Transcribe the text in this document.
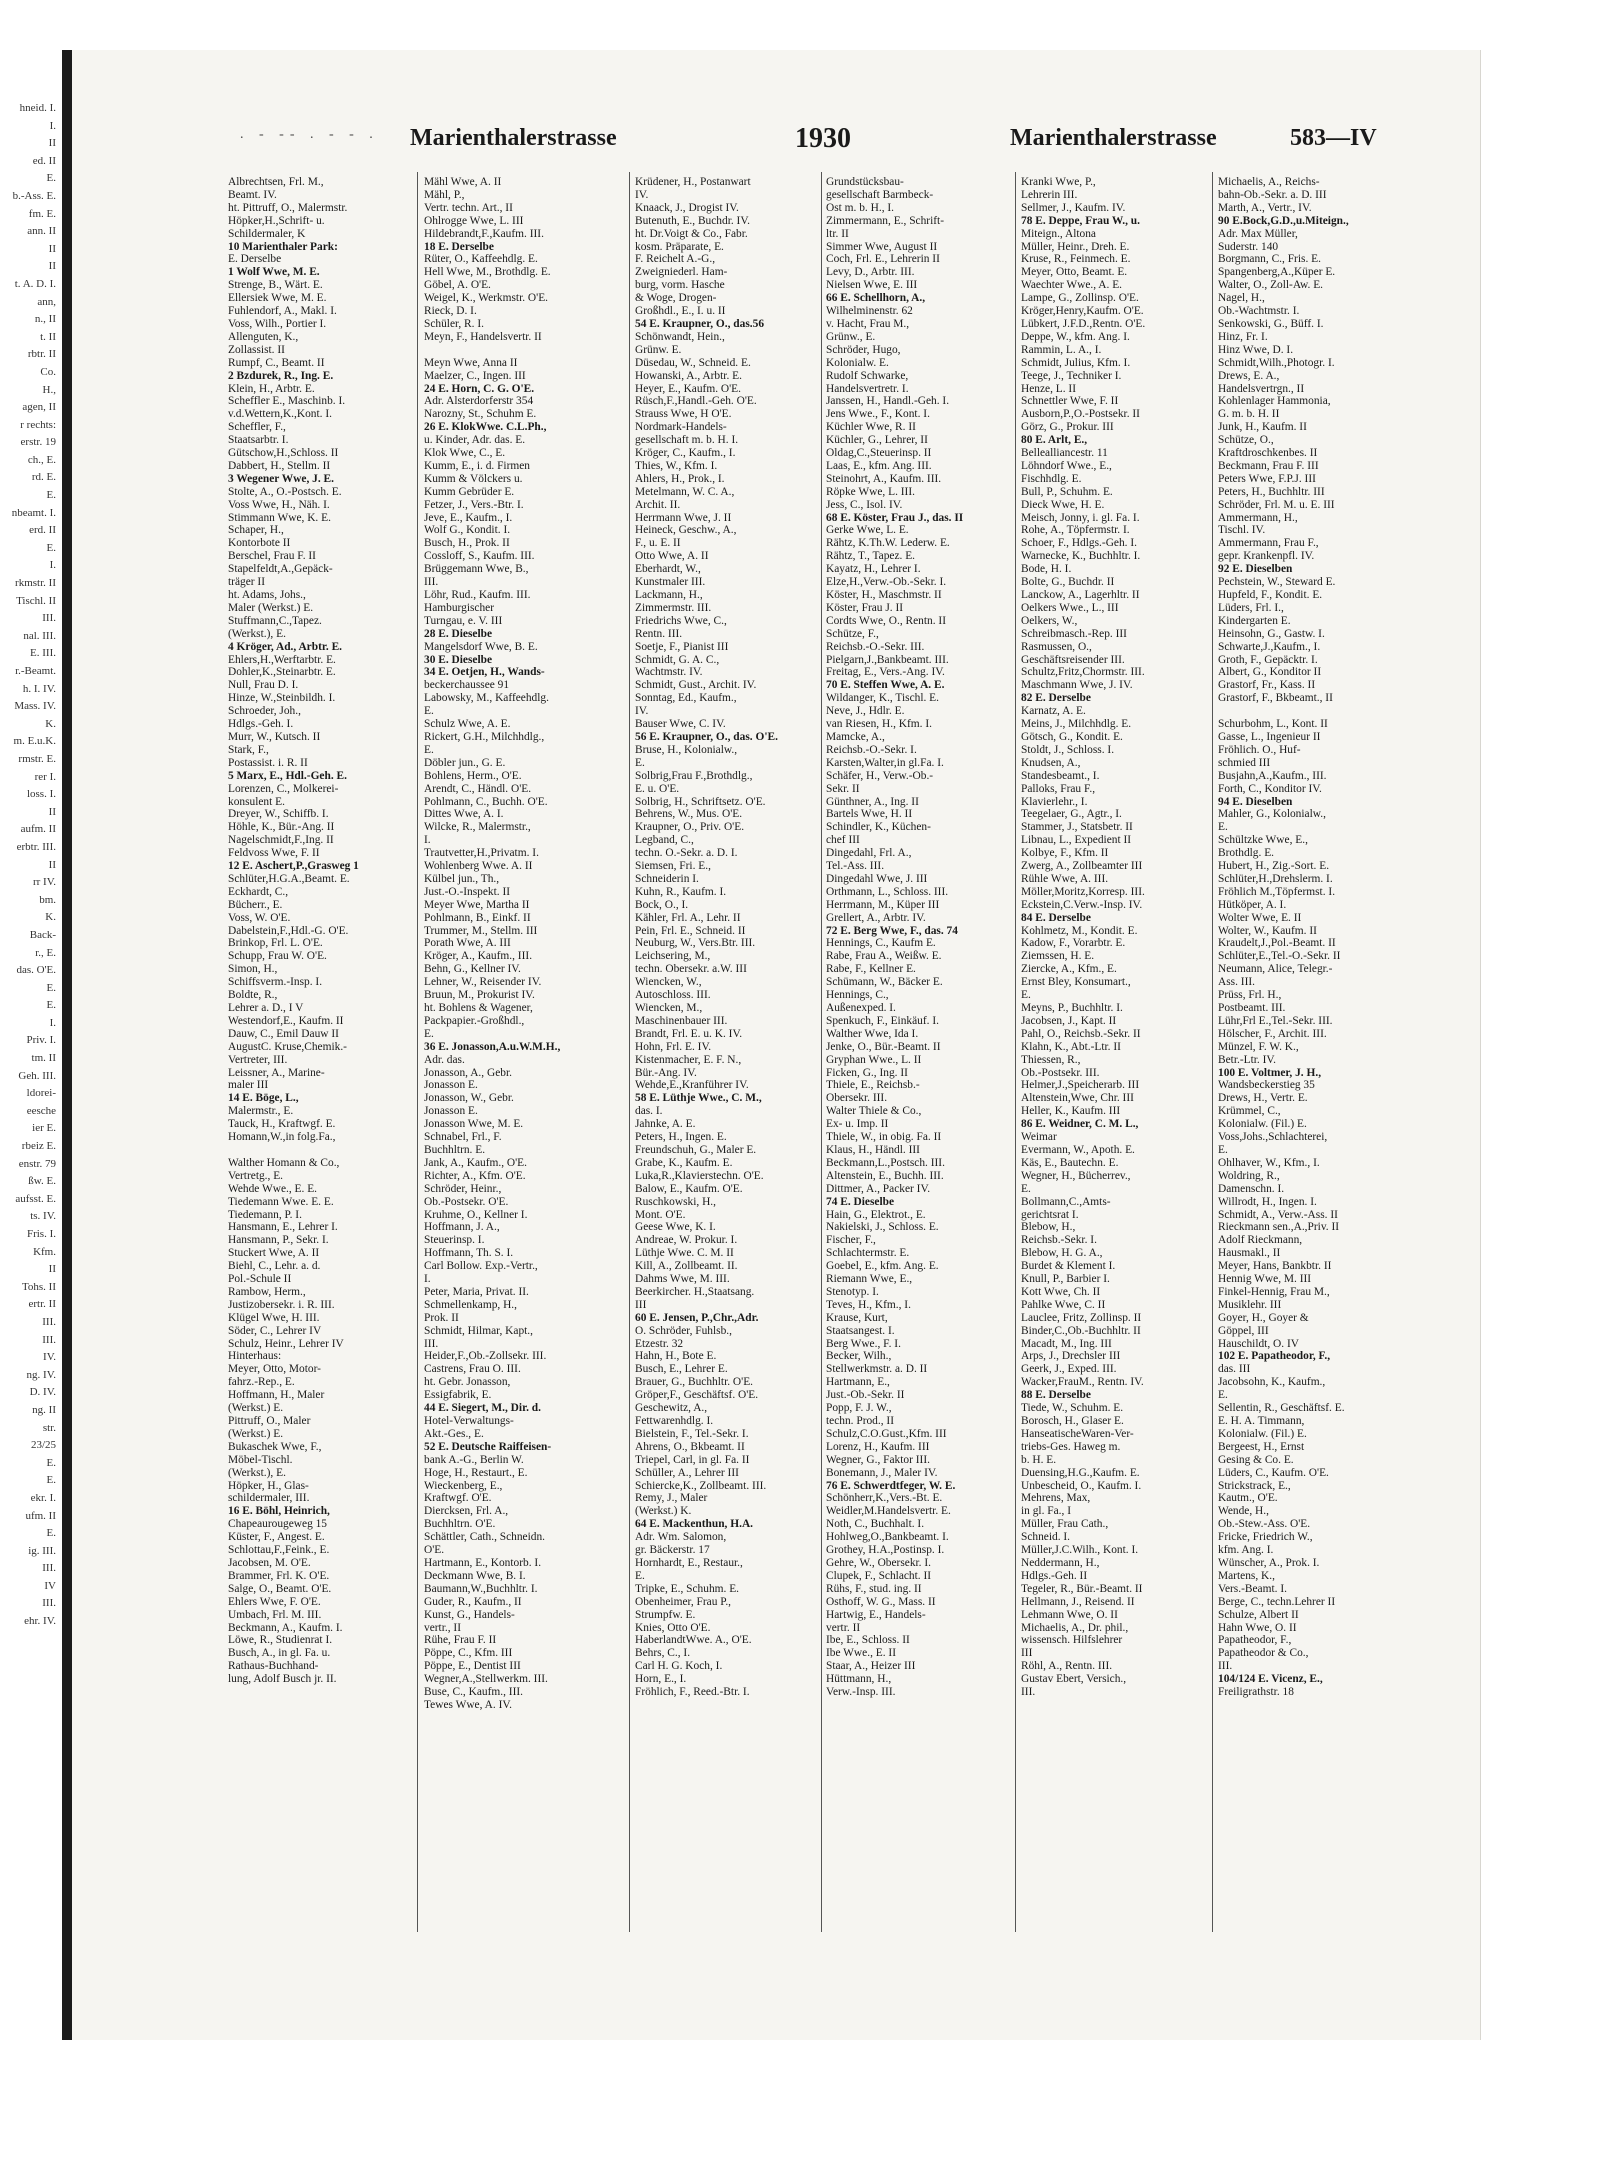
hneid. I.
I.
II
ed. II
E.
b.-Ass. E.
fm. E.
ann. II
II
II
t. A. D. I.
ann,
n., II
t. II
rbtr. II
Co.
H.,
agen, II
r rechts:
erstr. 19
ch., E.
rd. E.
E.
nbeamt. I.
erd. II
E.
I.
rkmstr. II
Tischl. II
III.
nal. III.
E. III.
r.-Beamt.
h. I. IV.
Mass. IV.
K.
m. E.u.K.
rmstr. E.
rer I.
loss. I.
II
aufm. II
erbtr. III.
II
rr IV.
bm.
K.
Back-
r., E.
das. O'E.
E.
E.
I.
Priv. I.
tm. II
Geh. III.
ldorei-
eesche
ier E.
rbeiz E.
enstr. 79
ßw. E.
aufsst. E.
ts. IV.
Fris. I.
Kfm.
II
Tohs. II
ertr. II
III.
III.
IV.
ng. IV.
D. IV.
ng. II
str.
23/25
E.
E.
ekr. I.
ufm. II
E.
ig. III.
III.
IV
III.
ehr. IV.
. ‐ ‐‐ . ‐ ‐ . Marienthalerstrasse	1930	Marienthalerstrasse	583—IV
Albrechtsen, Frl. M.,
Beamt. IV.
ht. Pittruff, O., Malermstr.
Höpker,H.,Schrift- u.
Schildermaler, K
10 Marienthaler Park:
E. Derselbe
1 Wolf Wwe, M. E.
Strenge, B., Wärt. E.
Ellersiek Wwe, M. E.
Fuhlendorf, A., Makl. I.
Voss, Wilh., Portier I.
Allenguten, K.,
Zollassist. II
Rumpf, C., Beamt. II
2 Bzdurek, R., Ing. E.
Klein, H., Arbtr. E.
Scheffler E., Maschinb. I.
v.d.Wettern,K.,Kont. I.
Scheffler, F.,
Staatsarbtr. I.
Gütschow,H.,Schloss. II
Dabbert, H., Stellm. II
3 Wegener Wwe, J. E.
Stolte, A., O.-Postsch. E.
Voss Wwe, H., Näh. I.
Stimmann Wwe, K. E.
Schaper, H.,
Kontorbote II
Berschel, Frau F. II
Stapelfeldt,A.,Gepäck-
träger II
ht. Adams, Johs.,
Maler (Werkst.) E.
Stuffmann,C.,Tapez.
(Werkst.), E.
4 Kröger, Ad., Arbtr. E.
Ehlers,H.,Werftarbtr. E.
Dohler,K.,Steinarbtr. E.
Null, Frau D. I.
Hinze, W.,Steinbildh. I.
Schroeder, Joh.,
Hdlgs.-Geh. I.
Murr, W., Kutsch. II
Stark, F.,
Postassist. i. R. II
5 Marx, E., Hdl.-Geh. E.
Lorenzen, C., Molkerei-
konsulent E.
Dreyer, W., Schiffb. I.
Höhle, K., Bür.-Ang. II
Nagelschmidt,F.,Ing. II
Feldvoss Wwe, F. II
12 E. Aschert,P.,Grasweg 1
Schlüter,H.G.A.,Beamt. E.
Eckhardt, C.,
Bücherr., E.
Voss, W. O'E.
Dabelstein,F.,Hdl.-G. O'E.
Brinkop, Frl. L. O'E.
Schupp, Frau W. O'E.
Simon, H.,
Schiffsverm.-Insp. I.
Boldte, R.,
Lehrer a. D., I V
Westendorf,E., Kaufm. II
Dauw, C., Emil Dauw II
AugustC. Kruse,Chemik.-
Vertreter, III.
Leissner, A., Marine-
maler III
14 E. Böge, L.,
Malermstr., E.
Tauck, H., Kraftwgf. E.
Homann,W.,in folg.Fa.,

Walther Homann & Co.,
Vertretg., E.
Wehde Wwe., E. E.
Tiedemann Wwe. E. E.
Tiedemann, P. I.
Hansmann, E., Lehrer I.
Hansmann, P., Sekr. I.
Stuckert Wwe, A. II
Biehl, C., Lehr. a. d.
Pol.-Schule II
Rambow, Herm.,
Justizobersekr. i. R. III.
Klügel Wwe, H. III.
Söder, C., Lehrer IV
Schulz, Heinr., Lehrer IV
Hinterhaus:
Meyer, Otto, Motor-
fahrz.-Rep., E.
Hoffmann, H., Maler
(Werkst.) E.
Pittruff, O., Maler
(Werkst.) E.
Bukaschek Wwe, F.,
Möbel-Tischl.
(Werkst.), E.
Höpker, H., Glas-
schildermaler, III.
16 E. Böhl, Heinrich,
Chapeaurougeweg 15
Küster, F., Angest. E.
Schlottau,F.,Feink., E.
Jacobsen, M. O'E.
Brammer, Frl. K. O'E.
Salge, O., Beamt. O'E.
Ehlers Wwe, F. O'E.
Umbach, Frl. M. III.
Beckmann, A., Kaufm. I.
Löwe, R., Studienrat I.
Busch, A., in gl. Fa. u.
Rathaus-Buchhand-
lung, Adolf Busch jr. II.
Mähl Wwe, A. II
Mähl, P.,
Vertr. techn. Art., II
Ohlrogge Wwe, L. III
Hildebrandt,F.,Kaufm. III.
18 E. Derselbe
Rüter, O., Kaffeehdlg. E.
Hell Wwe, M., Brothdlg. E.
Göbel, A. O'E.
Weigel, K., Werkmstr. O'E.
Rieck, D. I.
Schüler, R. I.
Meyn, F., Handelsvertr. II

Meyn Wwe, Anna II
Maelzer, C., Ingen. III
24 E. Horn, C. G. O'E.
Adr. Alsterdorferstr 354
Narozny, St., Schuhm E.
26 E. KlokWwe. C.L.Ph.,
u. Kinder, Adr. das. E.
Klok Wwe, C., E.
Kumm, E., i. d. Firmen
Kumm & Völckers u.
Kumm Gebrüder E.
Fetzer, J., Vers.-Btr. I.
Jeve, E., Kaufm., I.
Wolf G., Kondit. I.
Busch, H., Prok. II
Cossloff, S., Kaufm. III.
Brüggemann Wwe, B.,
III.
Löhr, Rud., Kaufm. III.
Hamburgischer
Turngau, e. V. III
28 E. Dieselbe
Mangelsdorf Wwe, B. E.
30 E. Dieselbe
34 E. Oetjen, H., Wands-
beckerchaussee 91
Labowsky, M., Kaffeehdlg.
E.
Schulz Wwe, A. E.
Rickert, G.H., Milchhdlg.,
E.
Döbler jun., G. E.
Bohlens, Herm., O'E.
Arendt, C., Händl. O'E.
Pohlmann, C., Buchh. O'E.
Dittes Wwe, A. I.
Wilcke, R., Malermstr.,
I.
Trautvetter,H.,Privatm. I.
Wohlenberg Wwe. A. II
Külbel jun., Th.,
Just.-O.-Inspekt. II
Meyer Wwe, Martha II
Pohlmann, B., Einkf. II
Trummer, M., Stellm. III
Porath Wwe, A. III
Kröger, A., Kaufm., III.
Behn, G., Kellner IV.
Lehner, W., Reisender IV.
Bruun, M., Prokurist IV.
ht. Bohlens & Wagener,
Packpapier.-Großhdl.,
E.
36 E. Jonasson,A.u.W.M.H.,
Adr. das.
Jonasson, A., Gebr.
Jonasson E.
Jonasson, W., Gebr.
Jonasson E.
Jonasson Wwe, M. E.
Schnabel, Frl., F.
Buchhltrn. E.
Jank, A., Kaufm., O'E.
Richter, A., Kfm. O'E.
Schröder, Heinr.,
Ob.-Postsekr. O'E.
Kruhme, O., Kellner I.
Hoffmann, J. A.,
Steuerinsp. I.
Hoffmann, Th. S. I.
Carl Bollow. Exp.-Vertr.,
I.
Peter, Maria, Privat. II.
Schmellenkamp, H.,
Prok. II
Schmidt, Hilmar, Kapt.,
III.
Heider,F.,Ob.-Zollsekr. III.
Castrens, Frau O. III.
ht. Gebr. Jonasson,
Essigfabrik, E.
44 E. Siegert, M., Dir. d.
Hotel-Verwaltungs-
Akt.-Ges., E.
52 E. Deutsche Raiffeisen-
bank A.-G., Berlin W.
Hoge, H., Restaurt., E.
Wieckenberg, E.,
Kraftwgf. O'E.
Diercksen, Frl. A.,
Buchhltrn. O'E.
Schättler, Cath., Schneidn.
O'E.
Hartmann, E., Kontorb. I.
Deckmann Wwe, B. I.
Baumann,W.,Buchhltr. I.
Guder, R., Kaufm., II
Kunst, G., Handels-
vertr., II
Rühe, Frau F. II
Pöppe, C., Kfm. III
Pöppe, E., Dentist III
Wegner,A.,Stellwerkm. III.
Buse, C., Kaufm., III.
Tewes Wwe, A. IV.
Krüdener, H., Postanwart
IV.
Knaack, J., Drogist IV.
Butenuth, E., Buchdr. IV.
ht. Dr.Voigt & Co., Fabr.
kosm. Präparate, E.
F. Reichelt A.-G.,
Zweigniederl. Ham-
burg, vorm. Hasche
& Woge, Drogen-
Großhdl., E., I. u. II
54 E. Kraupner, O., das.56
Schönwandt, Hein.,
Grünw. E.
Düsedau, W., Schneid. E.
Howanski, A., Arbtr. E.
Heyer, E., Kaufm. O'E.
Rüsch,F.,Handl.-Geh. O'E.
Strauss Wwe, H O'E.
Nordmark-Handels-
gesellschaft m. b. H. I.
Kröger, C., Kaufm., I.
Thies, W., Kfm. I.
Ahlers, H., Prok., I.
Metelmann, W. C. A.,
Archit. II.
Herrmann Wwe, J. II
Heineck, Geschw., A.,
F., u. E. II
Otto Wwe, A. II
Eberhardt, W.,
Kunstmaler III.
Lackmann, H.,
Zimmermstr. III.
Friedrichs Wwe, C.,
Rentn. III.
Soetje, F., Pianist III
Schmidt, G. A. C.,
Wachtmstr. IV.
Schmidt, Gust., Archit. IV.
Sonntag, Ed., Kaufm.,
IV.
Bauser Wwe, C. IV.
56 E. Kraupner, O., das. O'E.
Bruse, H., Kolonialw.,
E.
Solbrig,Frau F.,Brothdlg.,
E. u. O'E.
Solbrig, H., Schriftsetz. O'E.
Behrens, W., Mus. O'E.
Kraupner, O., Priv. O'E.
Legband, C.,
techn. O.-Sekr. a. D. I.
Siemsen, Fri. E.,
Schneiderin I.
Kuhn, R., Kaufm. I.
Bock, O., I.
Kähler, Frl. A., Lehr. II
Pein, Frl. E., Schneid. II
Neuburg, W., Vers.Btr. III.
Leichsering, M.,
techn. Obersekr. a.W. III
Wiencken, W.,
Autoschloss. III.
Wiencken, M.,
Maschinenbauer III.
Brandt, Frl. E. u. K. IV.
Hohn, Frl. E. IV.
Kistenmacher, E. F. N.,
Bür.-Ang. IV.
Wehde,E.,Kranführer IV.
58 E. Lüthje Wwe., C. M.,
das. I.
Jahnke, A. E.
Peters, H., Ingen. E.
Freundschuh, G., Maler E.
Grabe, K., Kaufm. E.
Luka,R.,Klavierstechn. O'E.
Balow, E., Kaufm. O'E.
Ruschkowski, H.,
Mont. O'E.
Geese Wwe, K. I.
Andreae, W. Prokur. I.
Lüthje Wwe. C. M. II
Kill, A., Zollbeamt. II.
Dahms Wwe, M. III.
Beerkircher. H.,Staatsang.
III
60 E. Jensen, P.,Chr.,Adr.
O. Schröder, Fuhlsb.,
Etzestr. 32
Hahn, H., Bote E.
Busch, E., Lehrer E.
Brauer, G., Buchhltr. O'E.
Gröper,F., Geschäftsf. O'E.
Geschewitz, A.,
Fettwarenhdlg. I.
Bielstein, F., Tel.-Sekr. I.
Ahrens, O., Bkbeamt. II
Triepel, Carl, in gl. Fa. II
Schüller, A., Lehrer III
Schiercke,K., Zollbeamt. III.
Remy, J., Maler
(Werkst.) K.
64 E. Mackenthun, H.A.
Adr. Wm. Salomon,
gr. Bäckerstr. 17
Hornhardt, E., Restaur.,
E.
Tripke, E., Schuhm. E.
Obenheimer, Frau P.,
Strumpfw. E.
Knies, Otto O'E.
HaberlandtWwe. A., O'E.
Behrs, C., I.
Carl H. G. Koch, I.
Horn, E., I.
Fröhlich, F., Reed.-Btr. I.
Grundstücksbau-
gesellschaft Barmbeck-
Ost m. b. H., I.
Zimmermann, E., Schrift-
ltr. II
Simmer Wwe, August II
Coch, Frl. E., Lehrerin II
Levy, D., Arbtr. III.
Nielsen Wwe, E. III
66 E. Schellhorn, A.,
Wilhelminenstr. 62
v. Hacht, Frau M.,
Grünw., E.
Schröder, Hugo,
Kolonialw. E.
Rudolf Schwarke,
Handelsvertretr. I.
Janssen, H., Handl.-Geh. I.
Jens Wwe., F., Kont. I.
Küchler Wwe, R. II
Küchler, G., Lehrer, II
Oldag,C.,Steuerinsp. II
Laas, E., kfm. Ang. III.
Steinohrt, A., Kaufm. III.
Röpke Wwe, L. III.
Jess, C., Isol. IV.
68 E. Köster, Frau J., das. II
Gerke Wwe, L. E.
Rähtz, K.Th.W. Lederw. E.
Rähtz, T., Tapez. E.
Kayatz, H., Lehrer I.
Elze,H.,Verw.-Ob.-Sekr. I.
Köster, H., Maschmstr. II
Köster, Frau J. II
Cordts Wwe, O., Rentn. II
Schütze, F.,
Reichsb.-O.-Sekr. III.
Pielgarn,J.,Bankbeamt. III.
Freitag, E., Vers.-Ang. IV.
70 E. Steffen Wwe, A. E.
Wildanger, K., Tischl. E.
Neve, J., Hdlr. E.
van Riesen, H., Kfm. I.
Mamcke, A.,
Reichsb.-O.-Sekr. I.
Karsten,Walter,in gl.Fa. I.
Schäfer, H., Verw.-Ob.-
Sekr. II
Günthner, A., Ing. II
Bartels Wwe, H. II
Schindler, K., Küchen-
chef III
Dingedahl, Frl. A.,
Tel.-Ass. III.
Dingedahl Wwe, J. III
Orthmann, L., Schloss. III.
Herrmann, M., Küper III
Grellert, A., Arbtr. IV.
72 E. Berg Wwe, F., das. 74
Hennings, C., Kaufm E.
Rabe, Frau A., Weißw. E.
Rabe, F., Kellner E.
Schümann, W., Bäcker E.
Hennings, C.,
Außenexped. I.
Spenkuch, F., Einkäuf. I.
Walther Wwe, Ida I.
Jenke, O., Bür.-Beamt. II
Gryphan Wwe., L. II
Ficken, G., Ing. II
Thiele, E., Reichsb.-
Obersekr. III.
Walter Thiele & Co.,
Ex- u. Imp. II
Thiele, W., in obig. Fa. II
Klaus, H., Händl. III
Beckmann,L.,Postsch. III.
Altenstein, E., Buchh. III.
Dittmer, A., Packer IV.
74 E. Dieselbe
Hain, G., Elektrot., E.
Nakielski, J., Schloss. E.
Fischer, F.,
Schlachtermstr. E.
Goebel, E., kfm. Ang. E.
Riemann Wwe, E.,
Stenotyp. I.
Teves, H., Kfm., I.
Krause, Kurt,
Staatsangest. I.
Berg Wwe., F. I.
Becker, Wilh.,
Stellwerkmstr. a. D. II
Hartmann, E.,
Just.-Ob.-Sekr. II
Popp, F. J. W.,
techn. Prod., II
Schulz,C.O.Gust.,Kfm. III
Lorenz, H., Kaufm. III
Wegner, G., Faktor III.
Bonemann, J., Maler IV.
76 E. Schwerdtfeger, W. E.
Schönherr,K.,Vers.-Bt. E.
Weidler,M.Handelsvertr. E.
Noth, C., Buchhalt. I.
Hohlweg,O.,Bankbeamt. I.
Grothey, H.A.,Postinsp. I.
Gehre, W., Obersekr. I.
Clupek, F., Schlacht. II
Rühs, F., stud. ing. II
Osthoff, W. G., Mass. II
Hartwig, E., Handels-
vertr. II
Ibe, E., Schloss. II
Ibe Wwe., E. II
Staar, A., Heizer III
Hüttmann, H.,
Verw.-Insp. III.
Kranki Wwe, P.,
Lehrerin III.
Sellmer, J., Kaufm. IV.
78 E. Deppe, Frau W., u.
Miteign., Altona
Müller, Heinr., Dreh. E.
Kruse, R., Feinmech. E.
Meyer, Otto, Beamt. E.
Waechter Wwe., A. E.
Lampe, G., Zollinsp. O'E.
Kröger,Henry,Kaufm. O'E.
Lübkert, J.F.D.,Rentn. O'E.
Deppe, W., kfm. Ang. I.
Rammin, L. A., I.
Schmidt, Julius, Kfm. I.
Teege, J., Techniker I.
Henze, L. II
Schnettler Wwe, F. II
Ausborn,P.,O.-Postsekr. II
Görz, G., Prokur. III
80 E. Arlt, E.,
Bellealliancestr. 11
Löhndorf Wwe., E.,
Fischhdlg. E.
Bull, P., Schuhm. E.
Dieck Wwe, H. E.
Meisch, Jonny, i. gl. Fa. I.
Rohe, A., Töpfermstr. I.
Schoer, F., Hdlgs.-Geh. I.
Warnecke, K., Buchhltr. I.
Bode, H. I.
Bolte, G., Buchdr. II
Lanckow, A., Lagerhltr. II
Oelkers Wwe., L., III
Oelkers, W.,
Schreibmasch.-Rep. III
Rasmussen, O.,
Geschäftsreisender III.
Schultz,Fritz,Chormstr. III.
Maschmann Wwe, J. IV.
82 E. Derselbe
Karnatz, A. E.
Meins, J., Milchhdlg. E.
Götsch, G., Kondit. E.
Stoldt, J., Schloss. I.
Knudsen, A.,
Standesbeamt., I.
Palloks, Frau F.,
Klavierlehr., I.
Teegelaer, G., Agtr., I.
Stammer, J., Statsbetr. II
Libnau, L., Expedient II
Kolbye, F., Kfm. II
Zwerg, A., Zollbeamter III
Rühle Wwe, A. III.
Möller,Moritz,Korresp. III.
Eckstein,C.Verw.-Insp. IV.
84 E. Derselbe
Kohlmetz, M., Kondit. E.
Kadow, F., Vorarbtr. E.
Ziemssen, H. E.
Ziercke, A., Kfm., E.
Ernst Bley, Konsumart.,
E.
Meyns, P., Buchhltr. I.
Jacobsen, J., Kapt. II
Pahl, O., Reichsb.-Sekr. II
Klahn, K., Abt.-Ltr. II
Thiessen, R.,
Ob.-Postsekr. III.
Helmer,J.,Speicherarb. III
Altenstein,Wwe, Chr. III
Heller, K., Kaufm. III
86 E. Weidner, C. M. L.,
Weimar
Evermann, W., Apoth. E.
Käs, E., Bautechn. E.
Wegner, H., Bücherrev.,
E.
Bollmann,C.,Amts-
gerichtsrat I.
Blebow, H.,
Reichsb.-Sekr. I.
Blebow, H. G. A.,
Burdet & Klement I.
Knull, P., Barbier I.
Kott Wwe, Ch. II
Pahlke Wwe, C. II
Lauclee, Fritz, Zollinsp. II
Binder,C.,Ob.-Buchhltr. II
Macadt, M., Ing. III
Arps, J., Drechsler III
Geerk, J., Exped. III.
Wacker,FrauM., Rentn. IV.
88 E. Derselbe
Tiede, W., Schuhm. E.
Borosch, H., Glaser E.
HanseatischeWaren-Ver-
triebs-Ges. Haweg m.
b. H. E.
Duensing,H.G.,Kaufm. E.
Unbescheid, O., Kaufm. I.
Mehrens, Max,
in gl. Fa., I
Müller, Frau Cath.,
Schneid. I.
Müller,J.C.Wilh., Kont. I.
Neddermann, H.,
Hdlgs.-Geh. II
Tegeler, R., Bür.-Beamt. II
Hellmann, J., Reisend. II
Lehmann Wwe, O. II
Michaelis, A., Dr. phil.,
wissensch. Hilfslehrer
III
Röhl, A., Rentn. III.
Gustav Ebert, Versich.,
III.
Michaelis, A., Reichs-
bahn-Ob.-Sekr. a. D. III
Marth, A., Vertr., IV.
90 E.Bock,G.D.,u.Miteign.,
Adr. Max Müller,
Suderstr. 140
Borgmann, C., Fris. E.
Spangenberg,A.,Küper E.
Walter, O., Zoll-Aw. E.
Nagel, H.,
Ob.-Wachtmstr. I.
Senkowski, G., Büff. I.
Hinz, Fr. I.
Hinz Wwe, D. I.
Schmidt,Wilh.,Photogr. I.
Drews, E. A.,
Handelsvertrgn., II
Kohlenlager Hammonia,
G. m. b. H. II
Junk, H., Kaufm. II
Schütze, O.,
Kraftdroschkenbes. II
Beckmann, Frau F. III
Peters Wwe, F.P.J. III
Peters, H., Buchhltr. III
Schröder, Frl. M. u. E. III
Ammermann, H.,
Tischl. IV.
Ammermann, Frau F.,
gepr. Krankenpfl. IV.
92 E. Dieselben
Pechstein, W., Steward E.
Hupfeld, F., Kondit. E.
Lüders, Frl. I.,
Kindergarten E.
Heinsohn, G., Gastw. I.
Schwarte,J.,Kaufm., I.
Groth, F., Gepäcktr. I.
Albert, G., Konditor II
Grastorf, Fr., Kass. II
Grastorf, F., Bkbeamt., II

Schurbohm, L., Kont. II
Gasse, L., Ingenieur II
Fröhlich. O., Huf-
schmied III
Busjahn,A.,Kaufm., III.
Forth, C., Konditor IV.
94 E. Dieselben
Mahler, G., Kolonialw.,
E.
Schültzke Wwe, E.,
Brothdlg. E.
Hubert, H., Zig.-Sort. E.
Schlüter,H.,Drehslerm. I.
Fröhlich M.,Töpfermst. I.
Hütköper, A. I.
Wolter Wwe, E. II
Wolter, W., Kaufm. II
Kraudelt,J.,Pol.-Beamt. II
Schlüter,E.,Tel.-O.-Sekr. II
Neumann, Alice, Telegr.-
Ass. III.
Prüss, Frl. H.,
Postbeamt. III.
Lühr,Frl E.,Tel.-Sekr. III.
Hölscher, F., Archit. III.
Münzel, F. W. K.,
Betr.-Ltr. IV.
100 E. Voltmer, J. H.,
Wandsbeckerstieg 35
Drews, H., Vertr. E.
Krümmel, C.,
Kolonialw. (Fil.) E.
Voss,Johs.,Schlachterei,
E.
Ohlhaver, W., Kfm., I.
Woldring, R.,
Damenschn. I.
Willrodt, H., Ingen. I.
Schmidt, A., Verw.-Ass. II
Rieckmann sen.,A.,Priv. II
Adolf Rieckmann,
Hausmakl., II
Meyer, Hans, Bankbtr. II
Hennig Wwe, M. III
Finkel-Hennig, Frau M.,
Musiklehr. III
Goyer, H., Goyer &
Göppel, III
Hauschildt, O. IV
102 E. Papatheodor, F.,
das. III
Jacobsohn, K., Kaufm.,
E.
Sellentin, R., Geschäftsf. E.
E. H. A. Timmann,
Kolonialw. (Fil.) E.
Bergeest, H., Ernst
Gesing & Co. E.
Lüders, C., Kaufm. O'E.
Strickstrack, E.,
Kautm., O'E.
Wende, H.,
Ob.-Stew.-Ass. O'E.
Fricke, Friedrich W.,
kfm. Ang. I.
Wünscher, A., Prok. I.
Martens, K.,
Vers.-Beamt. I.
Berge, C., techn.Lehrer II
Schulze, Albert II
Hahn Wwe, O. II
Papatheodor, F.,
Papatheodor & Co.,
III.
104/124 E. Vicenz, E.,
Freiligrathstr. 18
